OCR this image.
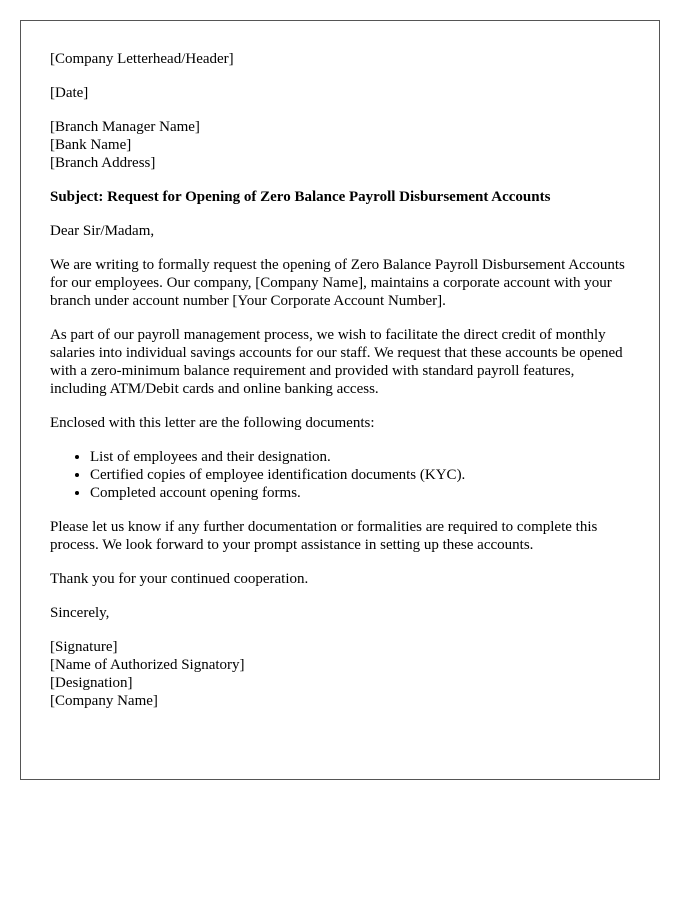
[Company Letterhead/Header]

[Date]

[Branch Manager Name]
[Bank Name]
[Branch Address]

Subject: Request for Opening of Zero Balance Payroll Disbursement Accounts

Dear Sir/Madam,

We are writing to formally request the opening of Zero Balance Payroll Disbursement Accounts for our employees. Our company, [Company Name], maintains a corporate account with your branch under account number [Your Corporate Account Number].

As part of our payroll management process, we wish to facilitate the direct credit of monthly salaries into individual savings accounts for our staff. We request that these accounts be opened with a zero-minimum balance requirement and provided with standard payroll features, including ATM/Debit cards and online banking access.

Enclosed with this letter are the following documents:

• List of employees and their designation.
• Certified copies of employee identification documents (KYC).
• Completed account opening forms.

Please let us know if any further documentation or formalities are required to complete this process. We look forward to your prompt assistance in setting up these accounts.

Thank you for your continued cooperation.

Sincerely,

[Signature]
[Name of Authorized Signatory]
[Designation]
[Company Name]
